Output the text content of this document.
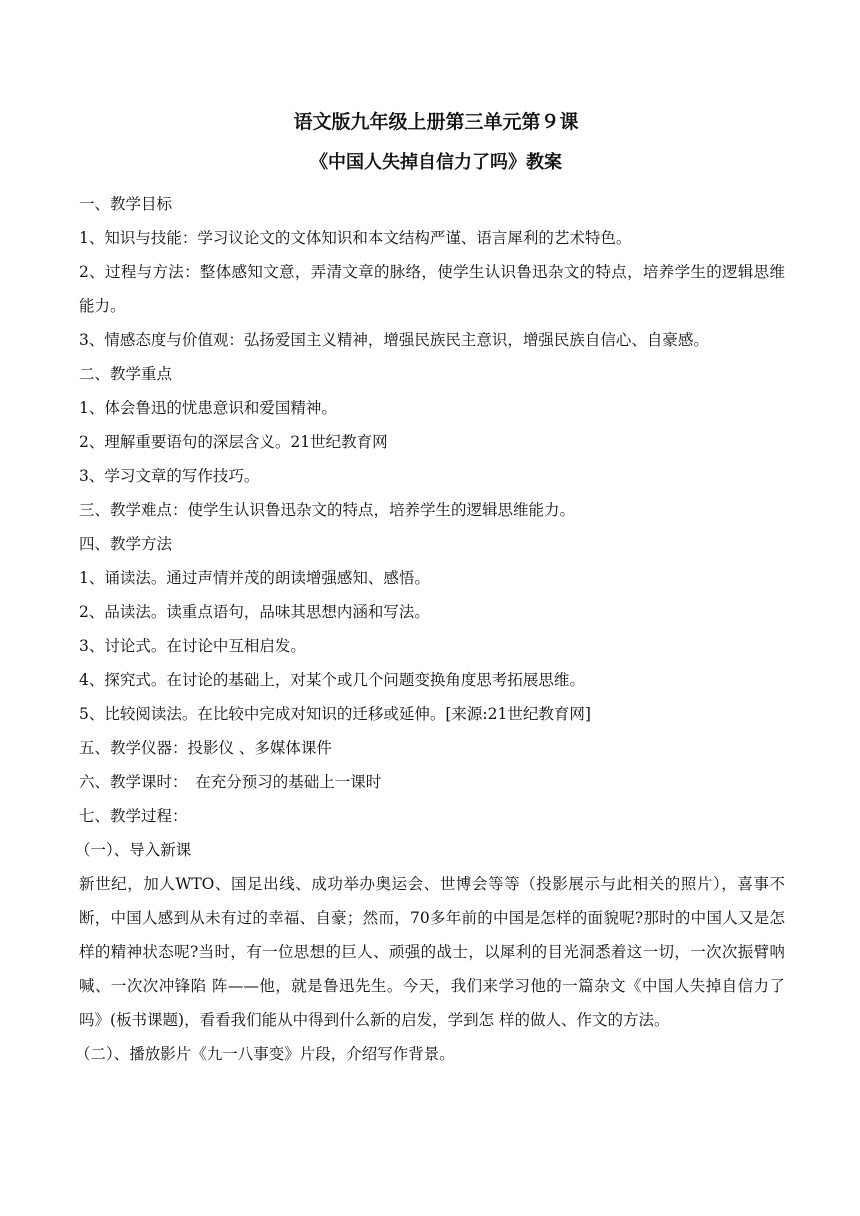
语文版九年级上册第三单元第９课
《中国人失掉自信力了吗》教案

一、教学目标

1、知识与技能：学习议论文的文体知识和本文结构严谨、语言犀利的艺术特色。

2、过程与方法：整体感知文意，弄清文章的脉络，使学生认识鲁迅杂文的特点，培养学生的逻辑思维能力。

3、情感态度与价值观：弘扬爱国主义精神，增强民族民主意识，增强民族自信心、自豪感。

二、教学重点

1、体会鲁迅的忧患意识和爱国精神。

2、理解重要语句的深层含义。21世纪教育网

3、学习文章的写作技巧。

三、教学难点：使学生认识鲁迅杂文的特点，培养学生的逻辑思维能力。

四、教学方法

1、诵读法。通过声情并茂的朗读增强感知、感悟。

2、品读法。读重点语句，品味其思想内涵和写法。

3、讨论式。在讨论中互相启发。

4、探究式。在讨论的基础上，对某个或几个问题变换角度思考拓展思维。

5、比较阅读法。在比较中完成对知识的迁移或延伸。[来源:21世纪教育网]

五、教学仪器：投影仪 、多媒体课件

六、教学课时：　在充分预习的基础上一课时

七、教学过程：

（一）、导入新课

新世纪，加人WTO、国足出线、成功举办奥运会、世博会等等（投影展示与此相关的照片），喜事不断，中国人感到从未有过的幸福、自豪；然而，70多年前的中国是怎样的面貌呢?那时的中国人又是怎样的精神状态呢?当时，有一位思想的巨人、顽强的战士，以犀利的目光洞悉着这一切，一次次振臂呐喊、一次次冲锋陷 阵——他，就是鲁迅先生。今天，我们来学习他的一篇杂文《中国人失掉自信力了吗》(板书课题)，看看我们能从中得到什么新的启发，学到怎 样的做人、作文的方法。

（二）、播放影片《九一八事变》片段，介绍写作背景。
